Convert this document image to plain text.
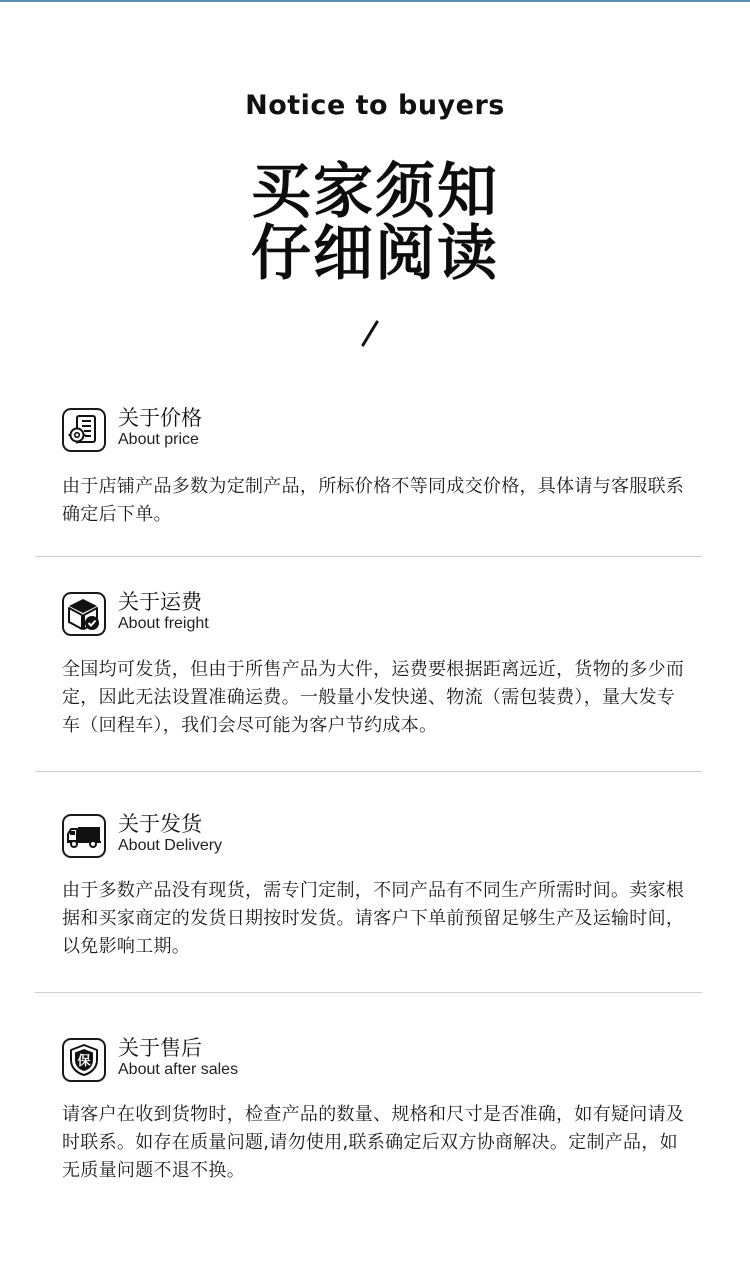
Notice to buyers
买家须知
仔细阅读
关于价格
About price
由于店铺产品多数为定制产品，所标价格不等同成交价格，具体请与客服联系确定后下单。
关于运费
About freight
全国均可发货，但由于所售产品为大件，运费要根据距离远近，货物的多少而定，因此无法设置准确运费。一般量小发快递、物流（需包装费），量大发专车（回程车），我们会尽可能为客户节约成本。
关于发货
About Delivery
由于多数产品没有现货，需专门定制，不同产品有不同生产所需时间。卖家根据和买家商定的发货日期按时发货。请客户下单前预留足够生产及运输时间，以免影响工期。
保
关于售后
About after sales
请客户在收到货物时，检查产品的数量、规格和尺寸是否准确，如有疑问请及时联系。如存在质量问题,请勿使用,联系确定后双方协商解决。定制产品，如无质量问题不退不换。
